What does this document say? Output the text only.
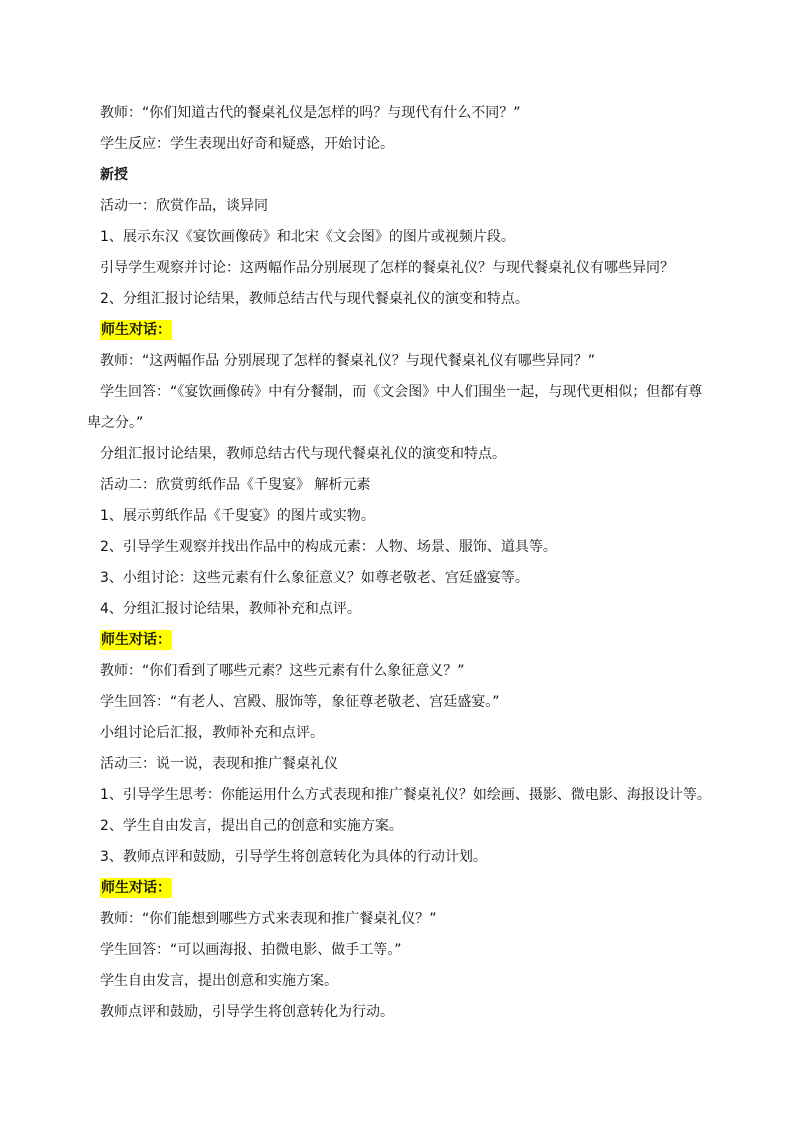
教师：“你们知道古代的餐桌礼仪是怎样的吗？与现代有什么不同？”
学生反应：学生表现出好奇和疑惑，开始讨论。
新授
活动一：欣赏作品，谈异同
1、展示东汉《宴饮画像砖》和北宋《文会图》的图片或视频片段。
引导学生观察并讨论：这两幅作品分别展现了怎样的餐桌礼仪？与现代餐桌礼仪有哪些异同？
2、分组汇报讨论结果，教师总结古代与现代餐桌礼仪的演变和特点。
师生对话：
教师：“这两幅作品 分别展现了怎样的餐桌礼仪？与现代餐桌礼仪有哪些异同？”
学生回答：“《宴饮画像砖》中有分餐制，而《文会图》中人们围坐一起，与现代更相似；但都有尊
卑之分。”
分组汇报讨论结果，教师总结古代与现代餐桌礼仪的演变和特点。
活动二：欣赏剪纸作品《千叟宴》 解析元素
1、展示剪纸作品《千叟宴》的图片或实物。
2、引导学生观察并找出作品中的构成元素：人物、场景、服饰、道具等。
3、小组讨论：这些元素有什么象征意义？如尊老敬老、宫廷盛宴等。
4、分组汇报讨论结果，教师补充和点评。
师生对话：
教师：“你们看到了哪些元素？这些元素有什么象征意义？”
学生回答：“有老人、宫殿、服饰等，象征尊老敬老、宫廷盛宴。”
小组讨论后汇报，教师补充和点评。
活动三：说一说，表现和推广餐桌礼仪
1、引导学生思考：你能运用什么方式表现和推广餐桌礼仪？如绘画、摄影、微电影、海报设计等。
2、学生自由发言，提出自己的创意和实施方案。
3、教师点评和鼓励，引导学生将创意转化为具体的行动计划。
师生对话：
教师：“你们能想到哪些方式来表现和推广餐桌礼仪？”
学生回答：“可以画海报、拍微电影、做手工等。”
学生自由发言，提出创意和实施方案。
教师点评和鼓励，引导学生将创意转化为行动。
